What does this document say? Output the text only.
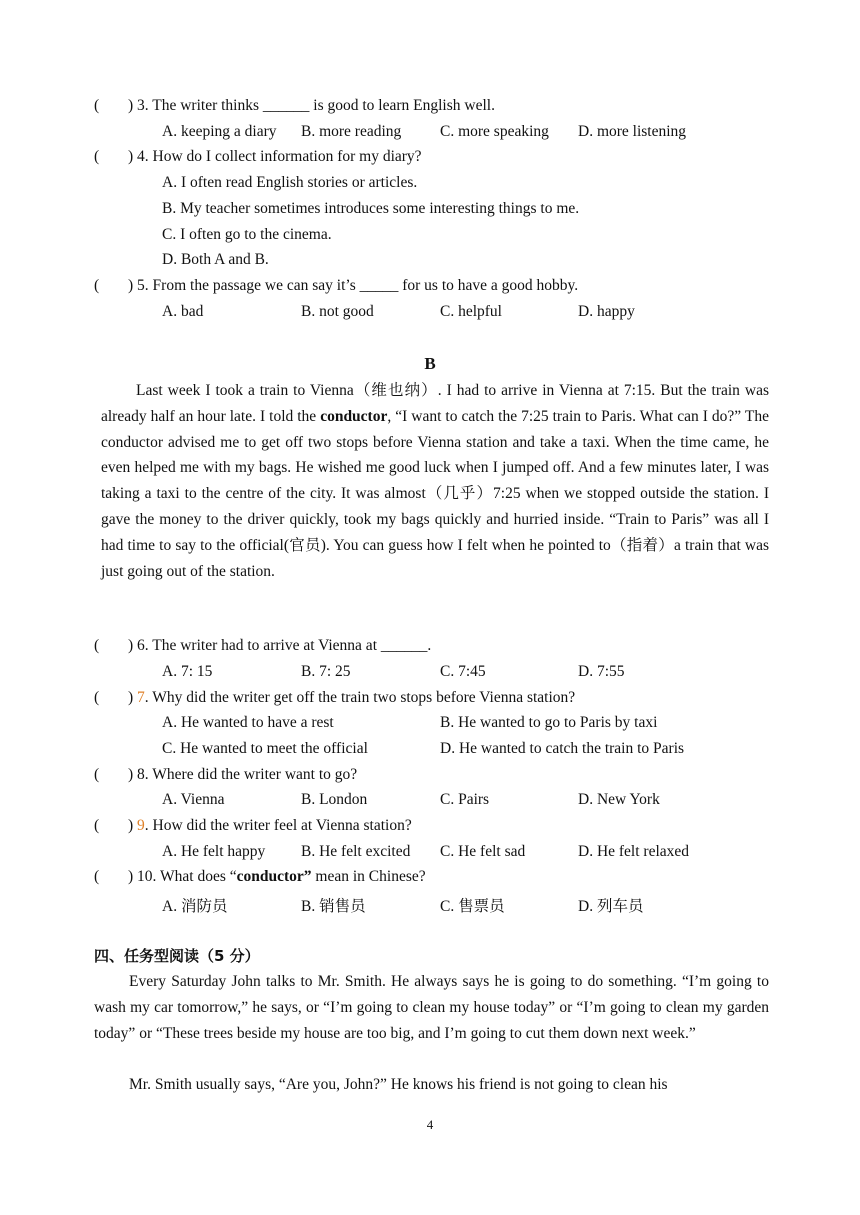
( ) 3. The writer thinks ______ is good to learn English well.
A. keeping a diary B. more reading C. more speaking D. more listening
( ) 4. How do I collect information for my diary?
A. I often read English stories or articles.
B. My teacher sometimes introduces some interesting things to me.
C. I often go to the cinema.
D. Both A and B.
( ) 5. From the passage we can say it’s _____ for us to have a good hobby.
A. bad	B. not good	C. helpful	D. happy
B
Last week I took a train to Vienna（维也纳）. I had to arrive in Vienna at 7:15. But the train was already half an hour late. I told the conductor, “I want to catch the 7:25 train to Paris. What can I do?” The conductor advised me to get off two stops before Vienna station and take a taxi. When the time came, he even helped me with my bags. He wished me good luck when I jumped off. And a few minutes later, I was taking a taxi to the centre of the city. It was almost（几乎）7:25 when we stopped outside the station. I gave the money to the driver quickly, took my bags quickly and hurried inside. “Train to Paris” was all I had time to say to the official(官员). You can guess how I felt when he pointed to（指着）a train that was just going out of the station.
( ) 6. The writer had to arrive at Vienna at ______.
A. 7: 15	B. 7: 25	C. 7:45	D. 7:55
( ) 7. Why did the writer get off the train two stops before Vienna station?
A. He wanted to have a rest	B. He wanted to go to Paris by taxi
C. He wanted to meet the official	D. He wanted to catch the train to Paris
( ) 8. Where did the writer want to go?
A. Vienna	B. London	C. Pairs	D. New York
( ) 9. How did the writer feel at Vienna station?
A. He felt happy B. He felt excited C. He felt sad	D. He felt relaxed
( ) 10. What does “conductor” mean in Chinese?
A. 消防员	B. 销售员	C. 售票员	D. 列车员
四、任务型阅读（5 分）
Every Saturday John talks to Mr. Smith. He always says he is going to do something. “I’m going to wash my car tomorrow,” he says, or “I’m going to clean my house today” or “I’m going to clean my garden today” or “These trees beside my house are too big, and I’m going to cut them down next week.”
Mr. Smith usually says, “Are you, John?” He knows his friend is not going to clean his
4
